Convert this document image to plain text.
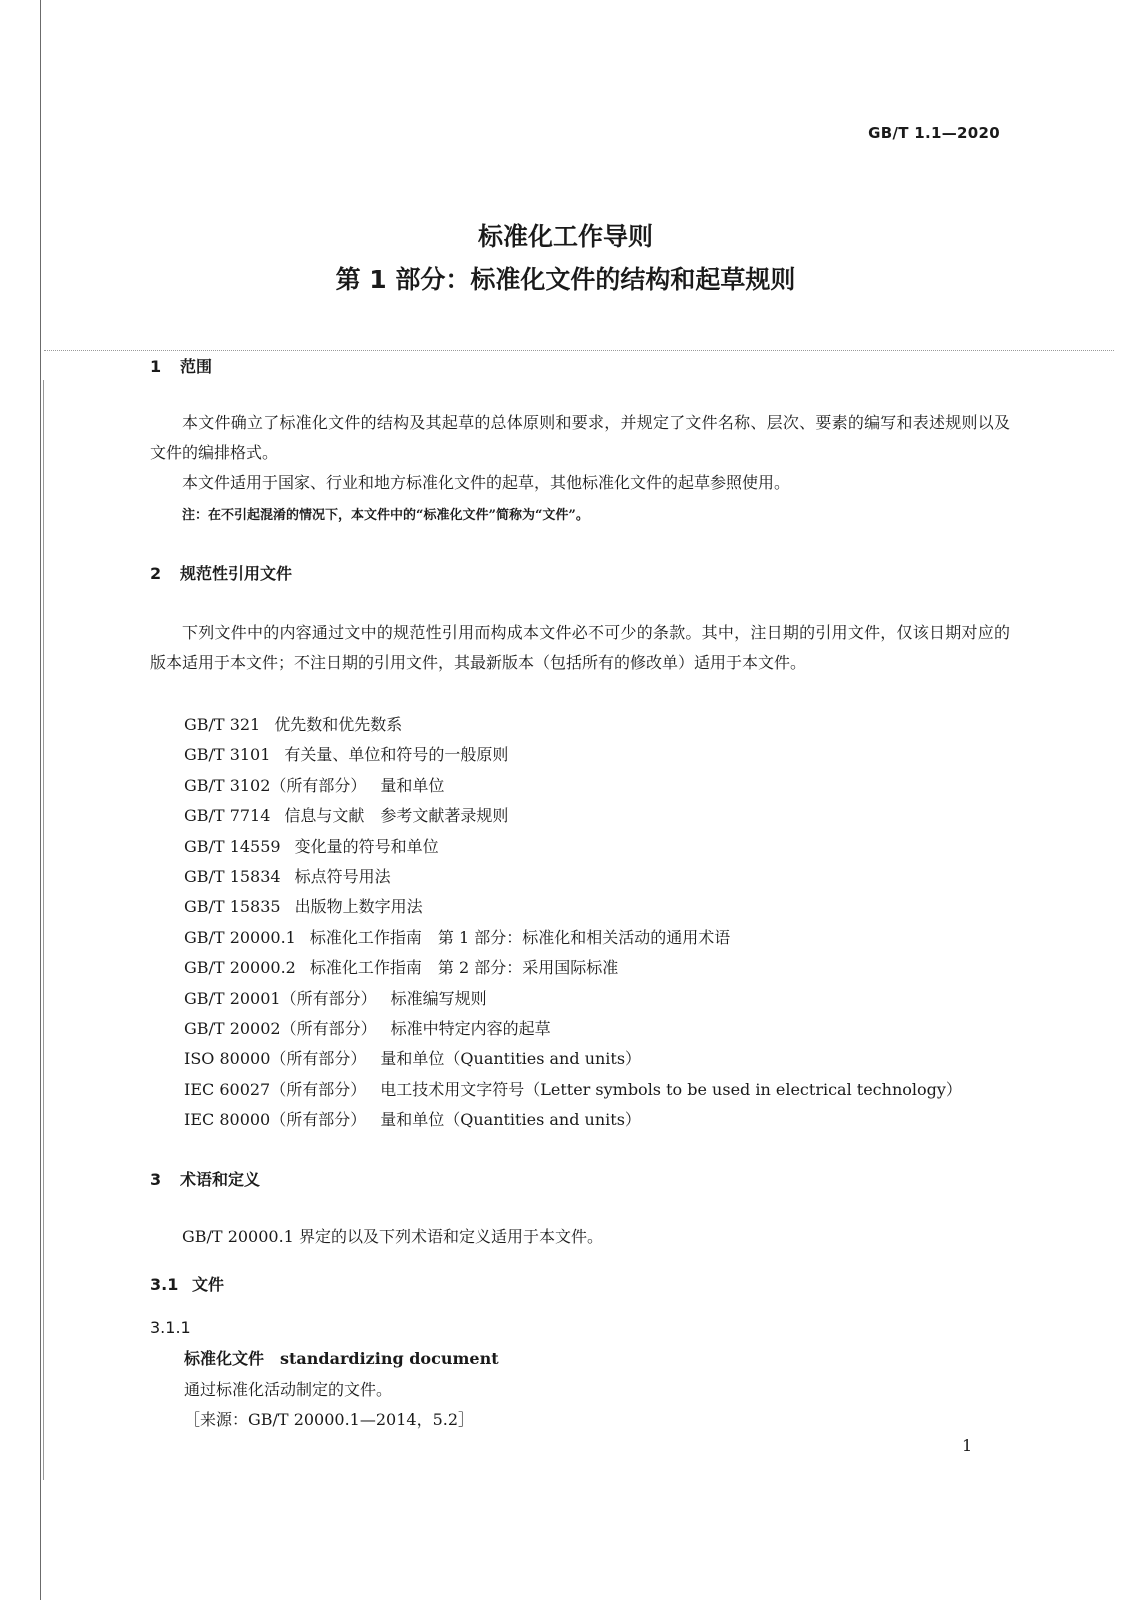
GB/T 1.1—2020
标准化工作导则
第 1 部分：标准化文件的结构和起草规则
1 范围
本文件确立了标准化文件的结构及其起草的总体原则和要求，并规定了文件名称、层次、要素的编写和表述规则以及文件的编排格式。
本文件适用于国家、行业和地方标准化文件的起草，其他标准化文件的起草参照使用。
注：在不引起混淆的情况下，本文件中的“标准化文件”简称为“文件”。
2 规范性引用文件
下列文件中的内容通过文中的规范性引用而构成本文件必不可少的条款。其中，注日期的引用文件，仅该日期对应的版本适用于本文件；不注日期的引用文件，其最新版本（包括所有的修改单）适用于本文件。
GB/T 321 优先数和优先数系
GB/T 3101 有关量、单位和符号的一般原则
GB/T 3102（所有部分） 量和单位
GB/T 7714 信息与文献　参考文献著录规则
GB/T 14559 变化量的符号和单位
GB/T 15834 标点符号用法
GB/T 15835 出版物上数字用法
GB/T 20000.1 标准化工作指南　第 1 部分：标准化和相关活动的通用术语
GB/T 20000.2 标准化工作指南　第 2 部分：采用国际标准
GB/T 20001（所有部分） 标准编写规则
GB/T 20002（所有部分） 标准中特定内容的起草
ISO 80000（所有部分） 量和单位（Quantities and units）
IEC 60027（所有部分） 电工技术用文字符号（Letter symbols to be used in electrical technology）
IEC 80000（所有部分） 量和单位（Quantities and units）
3 术语和定义
GB/T 20000.1 界定的以及下列术语和定义适用于本文件。
3.1 文件
3.1.1
标准化文件 standardizing document
通过标准化活动制定的文件。
［来源：GB/T 20000.1—2014，5.2］
1
